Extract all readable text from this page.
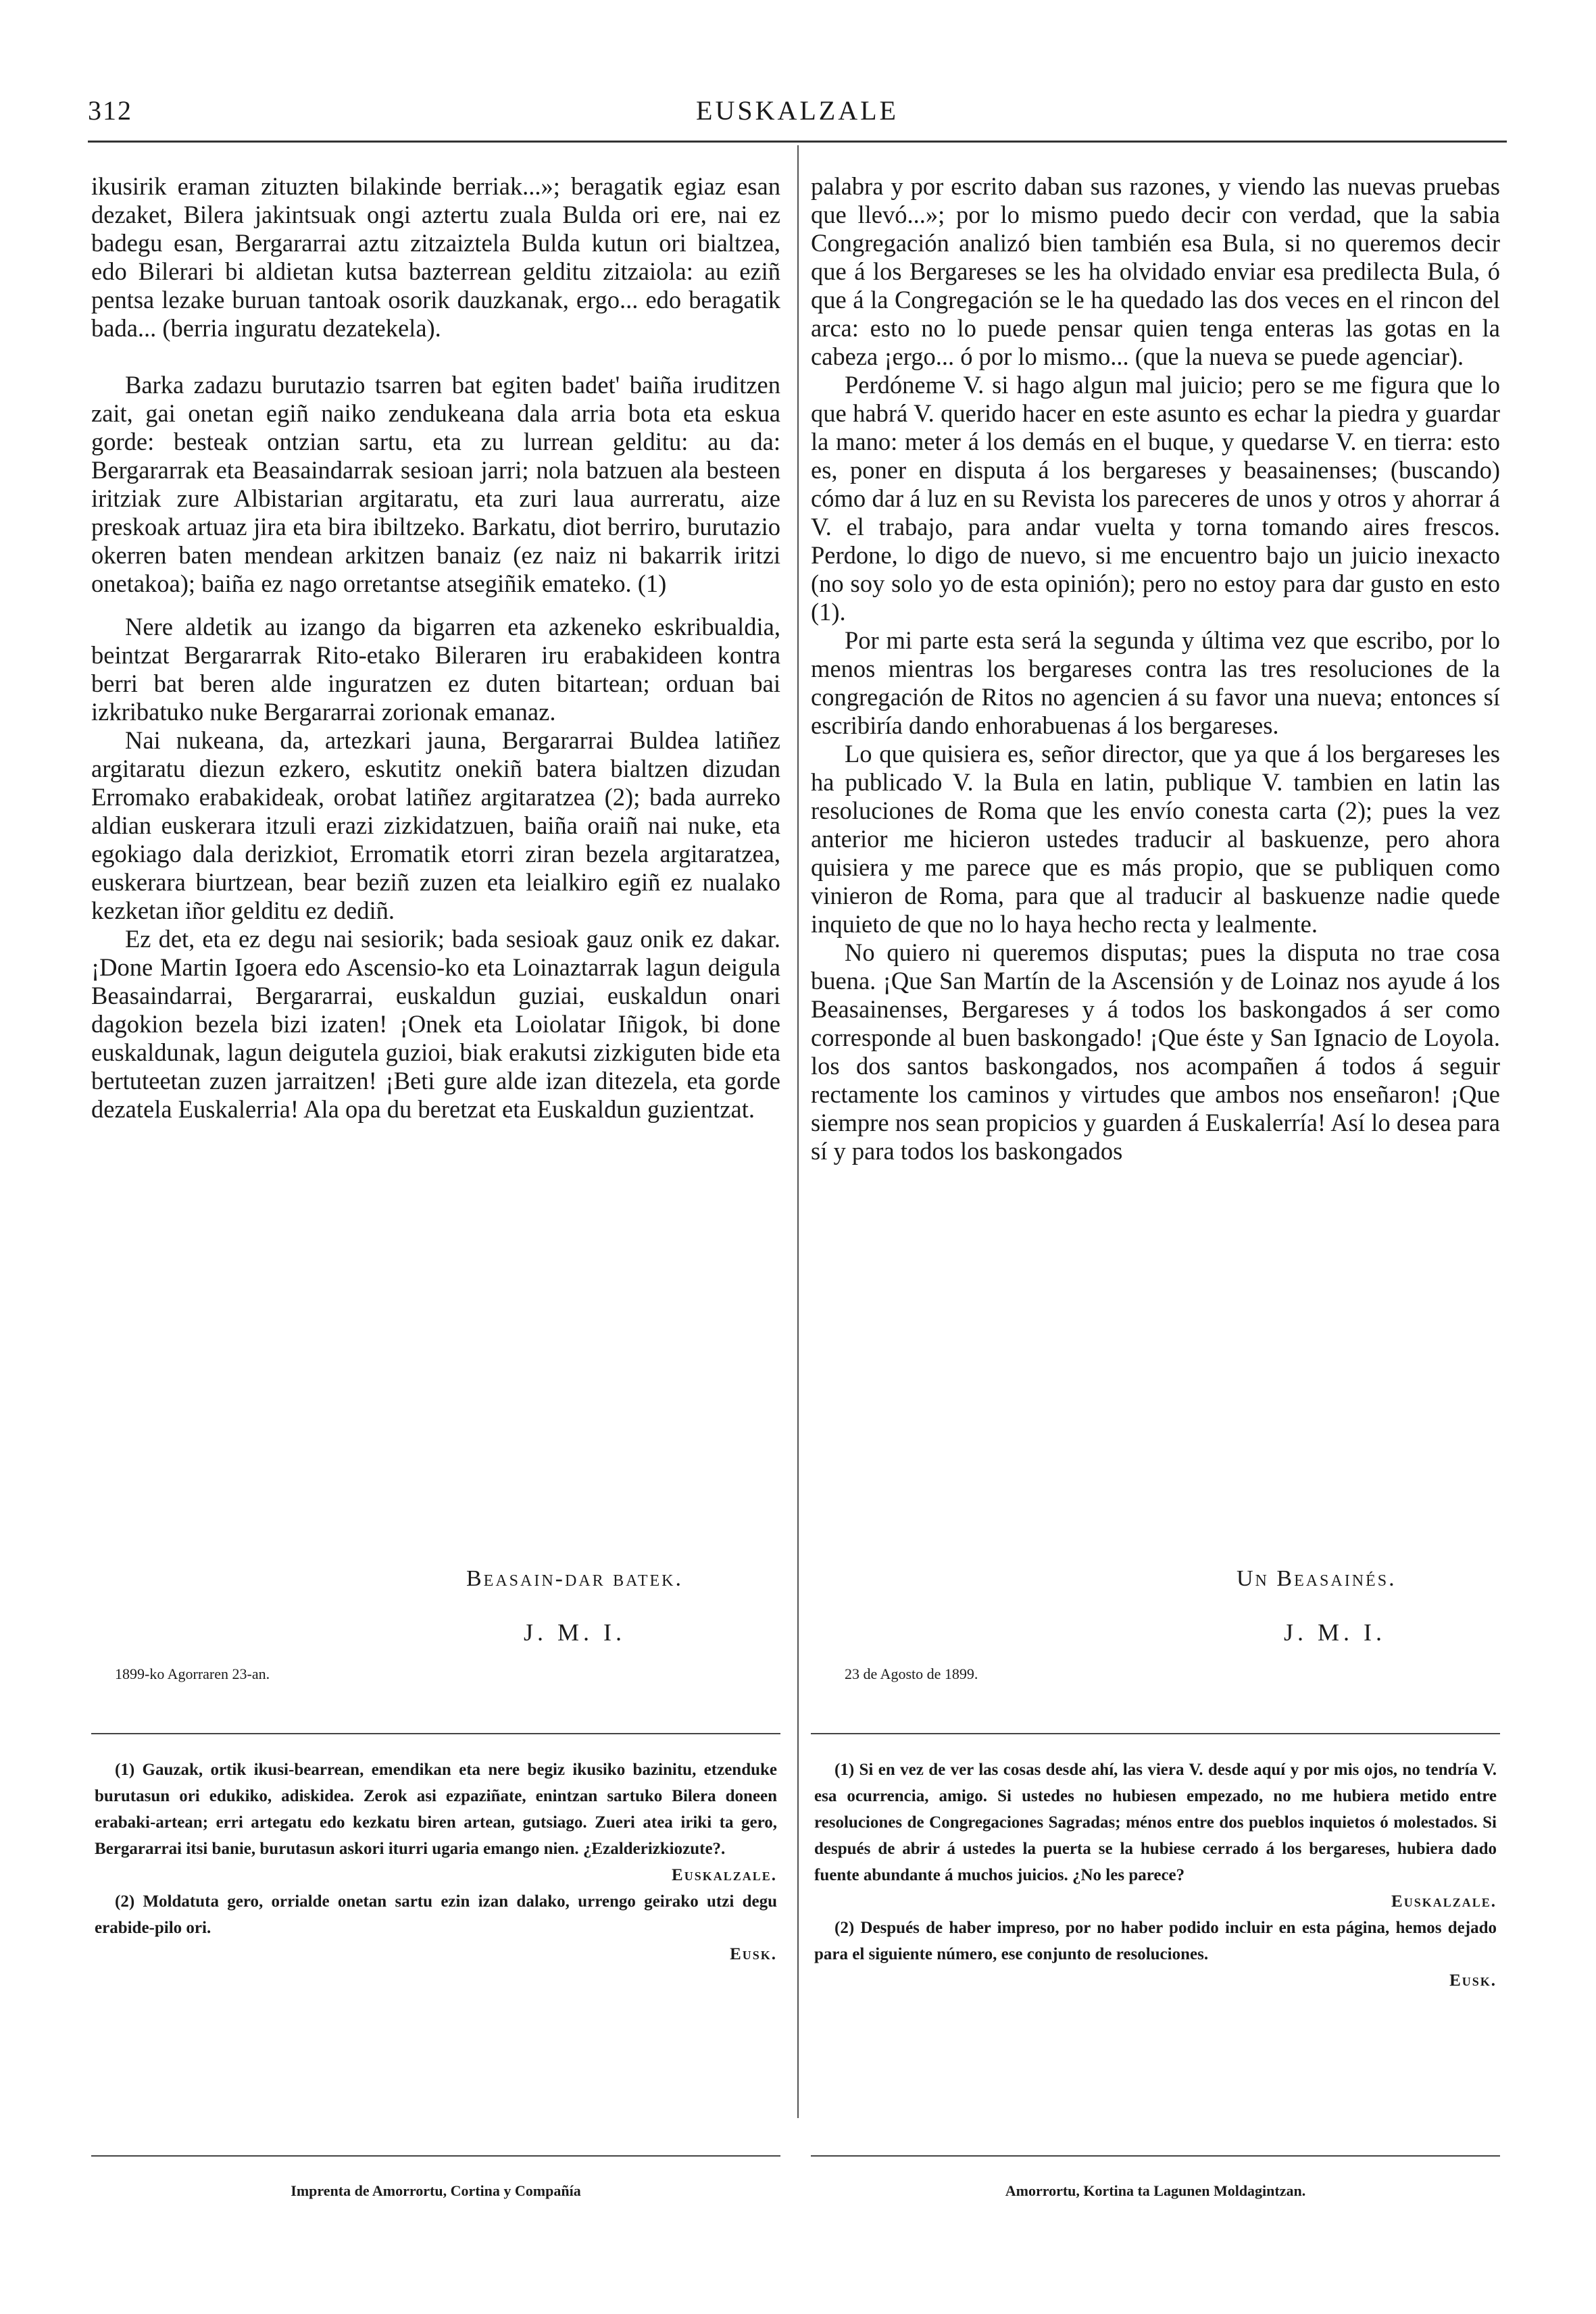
312	EUSKALZALE

ikusirik eraman zituzten bilakinde berriak...»; beragatik egiaz esan dezaket, Bilera jakintsuak ongi aztertu zuala Bulda ori ere, nai ez badegu esan, Bergararrai aztu zitzaiztela Bulda kutun ori bialtzea, edo Bilerari bi aldietan kutsa bazterrean gelditu zitzaiola: au eziñ pentsa lezake buruan tantoak osorik dauzkanak, ergo... edo beragatik bada... (berria inguratu dezatekela).

Barka zadazu burutazio tsarren bat egiten badet' baiña iruditzen zait, gai onetan egiñ naiko zendukeana dala arria bota eta eskua gorde: besteak ontzian sartu, eta zu lurrean gelditu: au da: Bergararrak eta Beasaindarrak sesioan jarri; nola batzuen ala besteen iritziak zure Albistarian argitaratu, eta zuri laua aurreratu, aize preskoak artuaz jira eta bira ibiltzeko. Barkatu, diot berriro, burutazio okerren baten mendean arkitzen banaiz (ez naiz ni bakarrik iritzi onetakoa); baiña ez nago orretantse atsegiñik emateko. (1)

Nere aldetik au izango da bigarren eta azkeneko eskribualdia, beintzat Bergararrak Rito-etako Bileraren iru erabakideen kontra berri bat beren alde inguratzen ez duten bitartean; orduan bai izkribatuko nuke Bergararrai zorionak emanaz.

Nai nukeana, da, artezkari jauna, Bergararrai Buldea latiñez argitaratu diezun ezkero, eskutitz onekiñ batera bialtzen dizudan Erromako erabakideak, orobat latiñez argitaratzea (2); bada aurreko aldian euskerara itzuli erazi zizkidatzuen, baiña oraiñ nai nuke, eta egokiago dala derizkiot, Erromatik etorri ziran bezela argitaratzea, euskerara biurtzean, bear beziñ zuzen eta leialkiro egiñ ez nualako kezketan iñor gelditu ez dediñ.

Ez det, eta ez degu nai sesiorik; bada sesioak gauz onik ez dakar. ¡Done Martin Igoera edo Ascensio-ko eta Loinaztarrak lagun deigula Beasaindarrai, Bergararrai, euskaldun guziai, euskaldun onari dagokion bezela bizi izaten! ¡Onek eta Loiolatar Iñigok, bi done euskaldunak, lagun deigutela guzioi, biak erakutsi zizkiguten bide eta bertuteetan zuzen jarraitzen! ¡Beti gure alde izan ditezela, eta gorde dezatela Euskalerria! Ala opa du beretzat eta Euskaldun guzientzat.

Beasain-dar batek.
J. M. I.
1899-ko Agorraren 23-an.

(1) Gauzak, ortik ikusi-bearrean, emendikan eta nere begiz ikusiko bazinitu, etzenduke burutasun ori edukiko, adiskidea. Zerok asi ezpaziñate, enintzan sartuko Bilera doneen erabaki-artean; erri artegatu edo kezkatu biren artean, gutsiago. Zueri atea iriki ta gero, Bergararrai itsi banie, burutasun askori iturri ugaria emango nien. ¿Ezalderizkiozute?.

Euskalzale.

(2) Moldatuta gero, orrialde onetan sartu ezin izan dalako, urrengo geirako utzi degu erabide-pilo ori.

Eusk.

Imprenta de Amorrortu, Cortina y Compañía

palabra y por escrito daban sus razones, y viendo las nuevas pruebas que llevó...»; por lo mismo puedo decir con verdad, que la sabia Congregación analizó bien también esa Bula, si no queremos decir que á los Bergareses se les ha olvidado enviar esa predilecta Bula, ó que á la Congregación se le ha quedado las dos veces en el rincon del arca: esto no lo puede pensar quien tenga enteras las gotas en la cabeza ¡ergo... ó por lo mismo... (que la nueva se puede agenciar).

Perdóneme V. si hago algun mal juicio; pero se me figura que lo que habrá V. querido hacer en este asunto es echar la piedra y guardar la mano: meter á los demás en el buque, y quedarse V. en tierra: esto es, poner en disputa á los bergareses y beasainenses; (buscando) cómo dar á luz en su Revista los pareceres de unos y otros y ahorrar á V. el trabajo, para andar vuelta y torna tomando aires frescos. Perdone, lo digo de nuevo, si me encuentro bajo un juicio inexacto (no soy solo yo de esta opinión); pero no estoy para dar gusto en esto (1).

Por mi parte esta será la segunda y última vez que escribo, por lo menos mientras los bergareses contra las tres resoluciones de la congregación de Ritos no agencien á su favor una nueva; entonces sí escribiría dando enhorabuenas á los bergareses.

Lo que quisiera es, señor director, que ya que á los bergareses les ha publicado V. la Bula en latin, publique V. tambien en latin las resoluciones de Roma que les envío conesta carta (2); pues la vez anterior me hicieron ustedes traducir al baskuenze, pero ahora quisiera y me parece que es más propio, que se publiquen como vinieron de Roma, para que al traducir al baskuenze nadie quede inquieto de que no lo haya hecho recta y lealmente.

No quiero ni queremos disputas; pues la disputa no trae cosa buena. ¡Que San Martín de la Ascensión y de Loinaz nos ayude á los Beasainenses, Bergareses y á todos los baskongados á ser como corresponde al buen baskongado! ¡Que éste y San Ignacio de Loyola. los dos santos baskongados, nos acompañen á todos á seguir rectamente los caminos y virtudes que ambos nos enseñaron! ¡Que siempre nos sean propicios y guarden á Euskalerría! Así lo desea para sí y para todos los baskongados

Un Beasainés.
J. M. I.
23 de Agosto de 1899.

(1) Si en vez de ver las cosas desde ahí, las viera V. desde aquí y por mis ojos, no tendría V. esa ocurrencia, amigo. Si ustedes no hubiesen empezado, no me hubiera metido entre resoluciones de Congregaciones Sagradas; ménos entre dos pueblos inquietos ó molestados. Si después de abrir á ustedes la puerta se la hubiese cerrado á los bergareses, hubiera dado fuente abundante á muchos juicios. ¿No les parece?

Euskalzale.

(2) Después de haber impreso, por no haber podido incluir en esta página, hemos dejado para el siguiente número, ese conjunto de resoluciones.

Eusk.

Amorrortu, Kortina ta Lagunen Moldagintzan.
